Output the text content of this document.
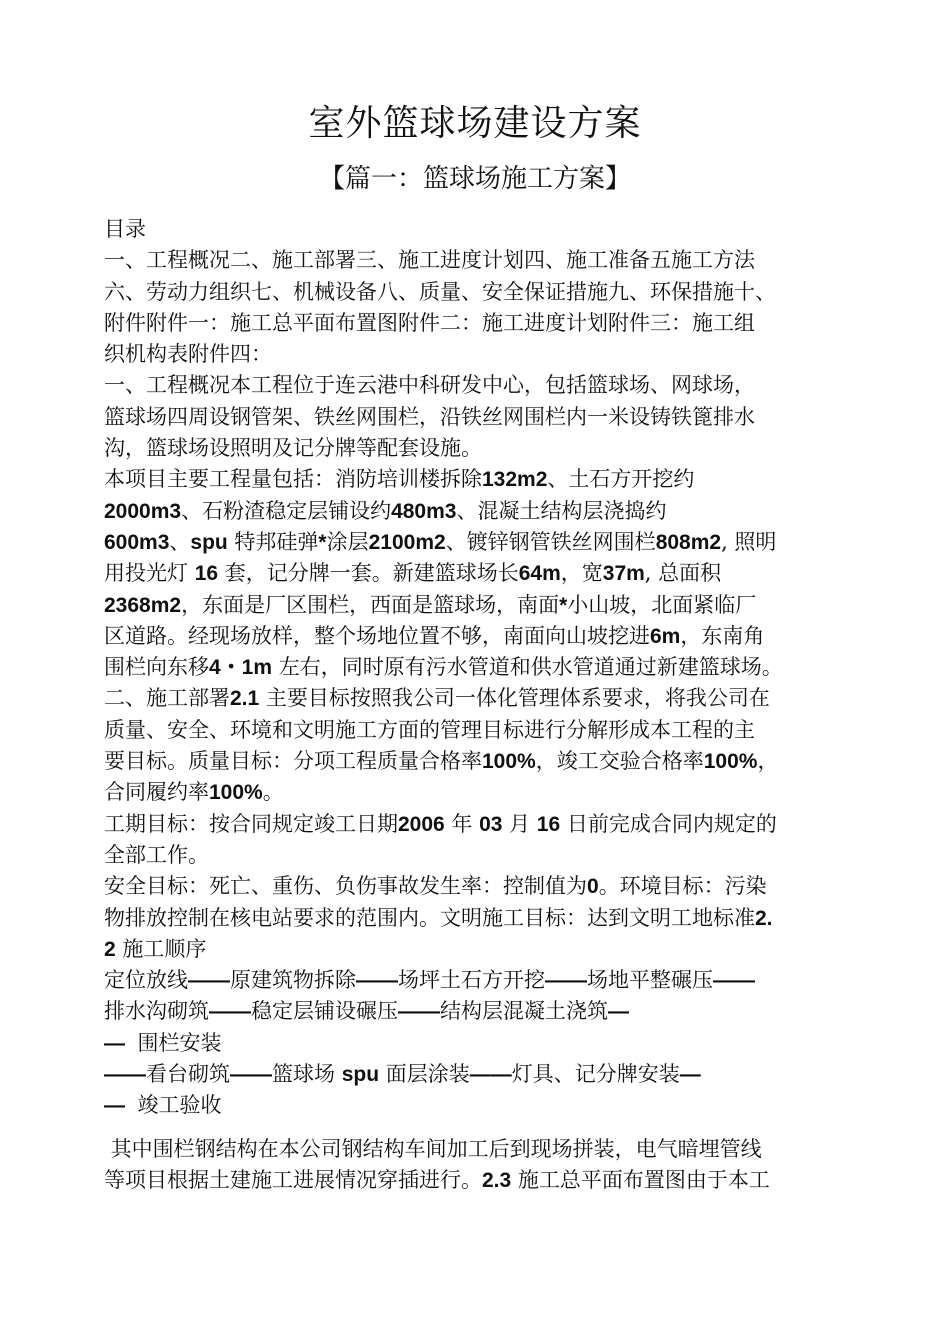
室外篮球场建设方案
【篇一：篮球场施工方案】

目录

一、工程概况二、施工部署三、施工进度计划四、施工准备五施工方法

六、劳动力组织七、机械设备八、质量、安全保证措施九、环保措施十、

附件附件一：施工总平面布置图附件二：施工进度计划附件三：施工组

织机构表附件四：

一、工程概况本工程位于连云港中科研发中心，包括篮球场、网球场，

篮球场四周设钢管架、铁丝网围栏，沿铁丝网围栏内一米设铸铁篦排水

沟，篮球场设照明及记分牌等配套设施。

本项目主要工程量包括：消防培训楼拆除132m2、土石方开挖约

2000m3、石粉渣稳定层铺设约480m3、混凝土结构层浇捣约

600m3、spu 特邦硅弹*涂层2100m2、镀锌钢管铁丝网围栏808m2, 照明

用投光灯 16 套，记分牌一套。新建篮球场长64m，宽37m, 总面积

2368m2，东面是厂区围栏，西面是篮球场，南面*小山坡，北面紧临厂

区道路。经现场放样，整个场地位置不够，南面向山坡挖进6m，东南角

围栏向东移4・1m 左右，同时原有污水管道和供水管道通过新建篮球场。

二、施工部署2.1 主要目标按照我公司一体化管理体系要求，将我公司在

质量、安全、环境和文明施工方面的管理目标进行分解形成本工程的主

要目标。质量目标：分项工程质量合格率100%，竣工交验合格率100%，

合同履约率100%。

工期目标：按合同规定竣工日期2006 年 03 月 16 日前完成合同内规定的

全部工作。

安全目标：死亡、重伤、负伤事故发生率：控制值为0。环境目标：污染

物排放控制在核电站要求的范围内。文明施工目标：达到文明工地标准2.

2 施工顺序

定位放线——原建筑物拆除——场坪土石方开挖——场地平整碾压——

排水沟砌筑——稳定层铺设碾压——结构层混凝土浇筑—

—  围栏安装

——看台砌筑——篮球场 spu 面层涂装——灯具、记分牌安装—

—  竣工验收

其中围栏钢结构在本公司钢结构车间加工后到现场拼装，电气暗埋管线

等项目根据土建施工进展情况穿插进行。2.3 施工总平面布置图由于本工
